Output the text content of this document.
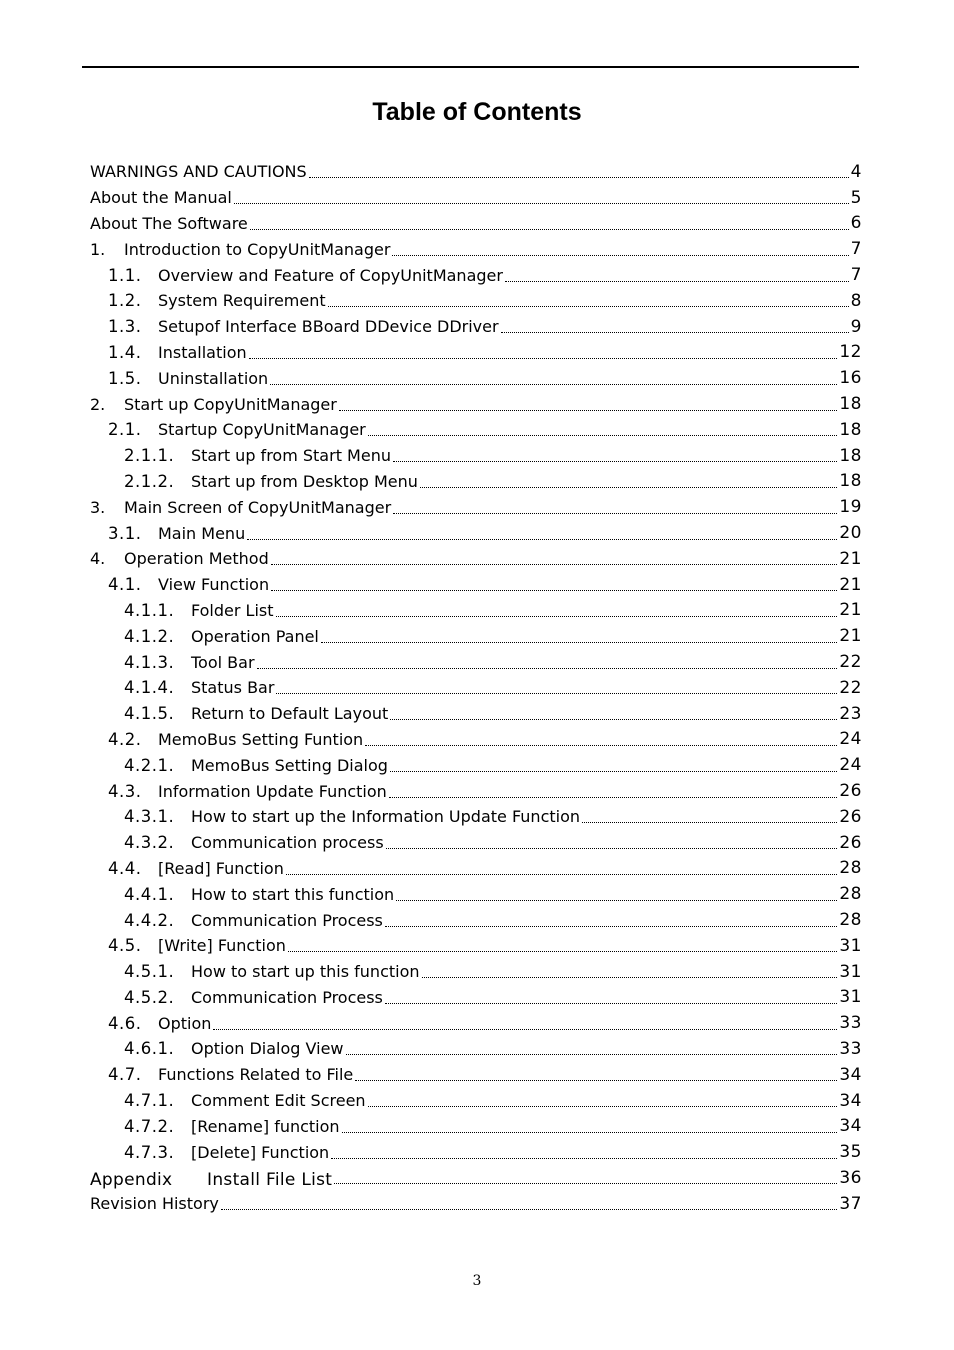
Table of Contents
WARNINGS AND CAUTIONS	4
About the Manual	5
About The Software	6
1.	Introduction to CopyUnitManager	7
1.1.	Overview and Feature of CopyUnitManager	7
1.2.	System Requirement	8
1.3.	Setupof Interface BBoard DDevice DDriver	9
1.4.	Installation	12
1.5.	Uninstallation	16
2.	Start up CopyUnitManager	18
2.1.	Startup CopyUnitManager	18
2.1.1.	Start up from Start Menu	18
2.1.2.	Start up from Desktop Menu	18
3.	Main Screen of CopyUnitManager	19
3.1.	Main Menu	20
4.	Operation Method	21
4.1.	View Function	21
4.1.1.	Folder List	21
4.1.2.	Operation Panel	21
4.1.3.	Tool Bar	22
4.1.4.	Status Bar	22
4.1.5.	Return to Default Layout	23
4.2.	MemoBus Setting Funtion	24
4.2.1.	MemoBus Setting Dialog	24
4.3.	Information Update Function	26
4.3.1.	How to start up the Information Update Function	26
4.3.2.	Communication process	26
4.4.	[Read] Function	28
4.4.1.	How to start this function	28
4.4.2.	Communication Process	28
4.5.	[Write] Function	31
4.5.1.	How to start up this function	31
4.5.2.	Communication Process	31
4.6.	Option	33
4.6.1.	Option Dialog View	33
4.7.	Functions Related to File	34
4.7.1.	Comment Edit Screen	34
4.7.2.	[Rename] function	34
4.7.3.	[Delete] Function	35
Appendix　　Install File List	36
Revision History	37
3
